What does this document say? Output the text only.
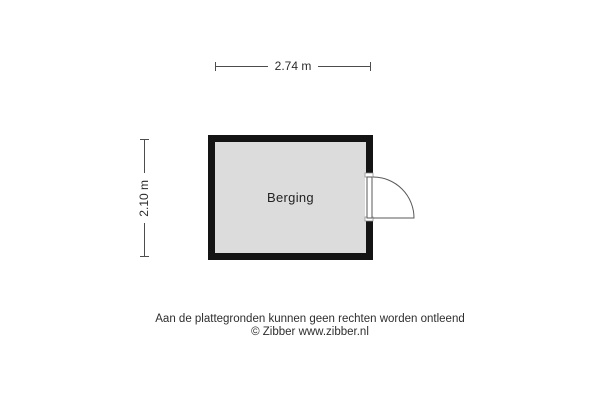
2.74 m
2.10 m	Berging
Aan de plattegronden kunnen geen rechten worden ontleend
© Zibber www.zibber.nl
